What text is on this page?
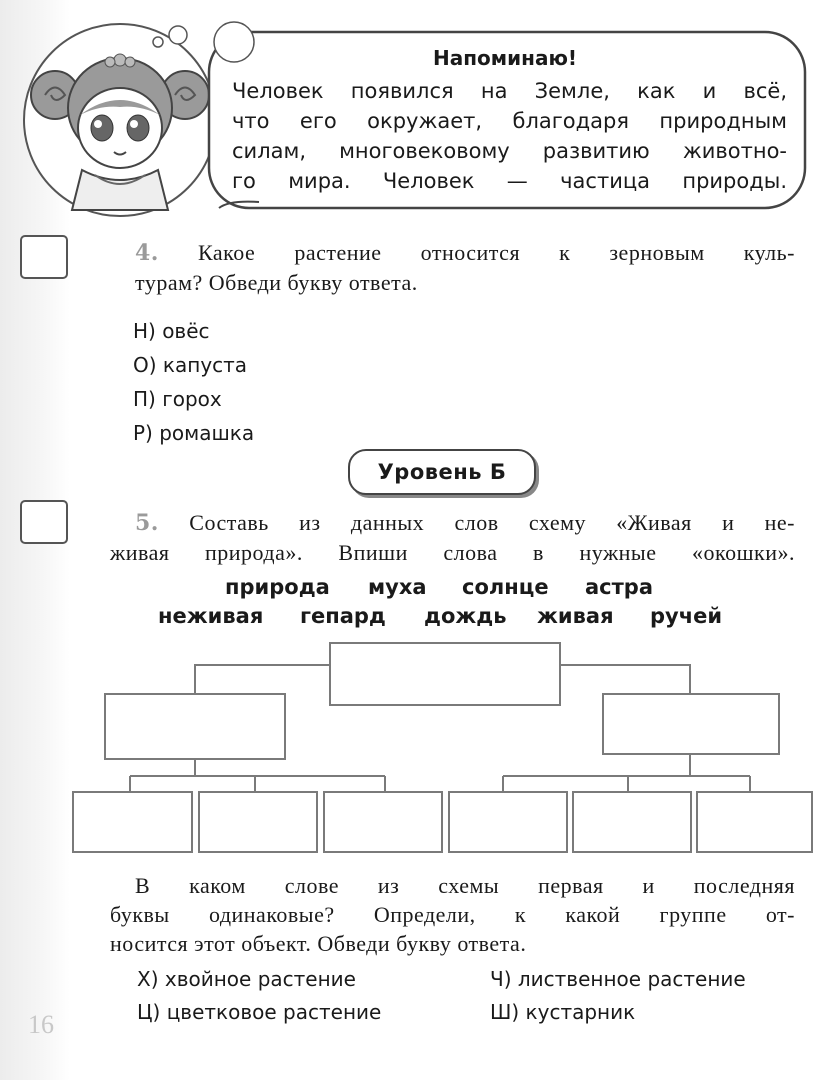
Напоминаю!
Человек появился на Земле, как и всё,
что его окружает, благодаря природным
силам, многовековому развитию животно-
го мира. Человек — частица природы.
4. Какое растение относится к зерновым куль-
турам? Обведи букву ответа.
Н) овёс
О) капуста
П) горох
Р) ромашка
Уровень Б
5. Составь из данных слов схему «Живая и не-
живая природа». Впиши слова в нужные «окошки».
природа муха солнце астра
неживая гепард дождь живая ручей
В каком слове из схемы первая и последняя
буквы одинаковые? Определи, к какой группе от-
носится этот объект. Обведи букву ответа.
Х) хвойное растение	Ч) лиственное растение
Ц) цветковое растение	Ш) кустарник
16
